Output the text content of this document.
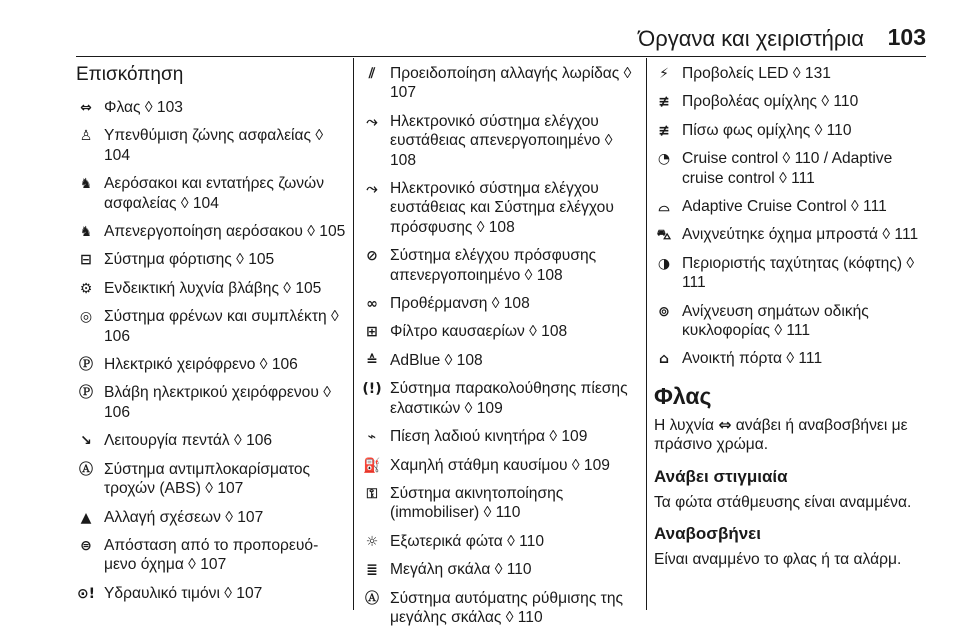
Όργανα και χειριστήρια 103
Επισκόπηση
⇔ Φλας ◊ 103
♙ Υπενθύμιση ζώνης ασφαλείας ◊ 104
♞ Αερόσακοι και εντατήρες ζωνών ασφαλείας ◊ 104
♞ Απενεργοποίηση αερόσακου ◊ 105
⊟ Σύστημα φόρτισης ◊ 105
⚙ Ενδεικτική λυχνία βλάβης ◊ 105
◎ Σύστημα φρένων και συμπλέκτη ◊ 106
Ⓟ Ηλεκτρικό χειρόφρενο ◊ 106
Ⓟ Βλάβη ηλεκτρικού χειρόφρενου ◊ 106
↘ Λειτουργία πεντάλ ◊ 106
Ⓐ Σύστημα αντιμπλοκαρίσματος τροχών (ABS) ◊ 107
▲ Αλλαγή σχέσεων ◊ 107
⊜ Απόσταση από το προπορευό-μενο όχημα ◊ 107
⊙! Υδραυλικό τιμόνι ◊ 107
⫽ Προειδοποίηση αλλαγής λωρίδας ◊ 107
⤳ Ηλεκτρονικό σύστημα ελέγχου ευστάθειας απενεργοποιημένο ◊ 108
⤳ Ηλεκτρονικό σύστημα ελέγχου ευστάθειας και Σύστημα ελέγχου πρόσφυσης ◊ 108
⊘ Σύστημα ελέγχου πρόσφυσης απενεργοποιημένο ◊ 108
∞ Προθέρμανση ◊ 108
⊞ Φίλτρο καυσαερίων ◊ 108
≙ AdBlue ◊ 108
(!) Σύστημα παρακολούθησης πίεσης ελαστικών ◊ 109
⌁ Πίεση λαδιού κινητήρα ◊ 109
⛽ Χαμηλή στάθμη καυσίμου ◊ 109
⚿ Σύστημα ακινητοποίησης (immobiliser) ◊ 110
☼ Εξωτερικά φώτα ◊ 110
≣ Μεγάλη σκάλα ◊ 110
Ⓐ Σύστημα αυτόματης ρύθμισης της μεγάλης σκάλας ◊ 110
⚡ Προβολείς LED ◊ 131
≢ Προβολέας ομίχλης ◊ 110
≢ Πίσω φως ομίχλης ◊ 110
◔ Cruise control ◊ 110 / Adaptive cruise control ◊ 111
⌓ Adaptive Cruise Control ◊ 111
⛍ Ανιχνεύτηκε όχημα μπροστά ◊ 111
◑ Περιοριστής ταχύτητας (κόφτης) ◊ 111
⊚ Ανίχνευση σημάτων οδικής κυκλοφορίας ◊ 111
⌂ Ανοικτή πόρτα ◊ 111
Φλας
Η λυχνία ⇔ ανάβει ή αναβοσβήνει με πράσινο χρώμα.
Ανάβει στιγμιαία
Τα φώτα στάθμευσης είναι αναμμένα.
Αναβοσβήνει
Είναι αναμμένο το φλας ή τα αλάρμ.
